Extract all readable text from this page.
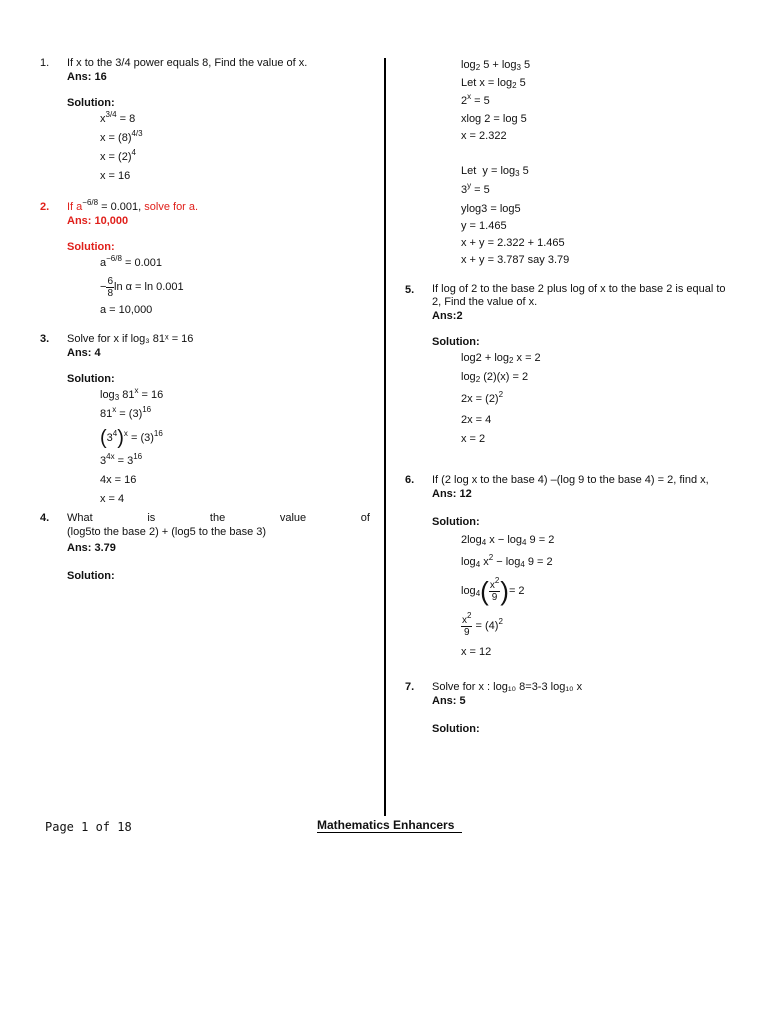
1.	If x to the 3/4 power equals 8, Find the value of x.
Ans: 16
Solution:
$x^{3/4} = 8$
$x = (8)^{4/3}$
$x = (2)^4$
x = 16
2.	If $a^{-6/8} = 0.001$, solve for a.
Ans: 10,000
Solution:
$a^{-6/8} = 0.001$
− $\frac{6}{8}$ ln α = ln 0.001
a = 10,000
3.	Solve for x if log₃ 81ˣ = 16
Ans: 4
Solution:
$\log_3 81^x = 16$
$81^x = (3)^{16}$
$(3^4)^x = (3)^{16}$
$3^{4x} = 3^{16}$
4x = 16
x = 4
4.	What	is	the	value	of
(log5to the base 2) + (log5 to the base 3)
Ans: 3.79
Solution:
$\log_2 5 + \log_3 5$
Let $x = \log_2 5$
$2^x = 5$
xlog 2 = log 5
x = 2.322
Let  $y = \log_3 5$
$3^y = 5$
ylog3 = log5
y = 1.465
x + y = 2.322 + 1.465
x + y = 3.787 say 3.79
5.	If log of 2 to the base 2 plus log of x to the base 2 is equal to 2, Find the value of x.
Ans:2
Solution:
$\log 2 + \log_2 x = 2$
$\log_2 (2)(x) = 2$
$2x = (2)^2$
2x = 4
x = 2
6.	If (2 log x to the base 4) –(log 9 to the base 4) = 2, find x,
Ans: 12
Solution:
$2\log_4$ $x - \log_4 9 = 2$
$\log_4 x^2 - \log_4 9 = 2$
$\log_4( \frac{x^2}{9}$ )= 2
$\frac{x^2}{9} = (4)^2$
x = 12
7.	Solve for x : log₁₀ 8=3-3 log₁₀ x
Ans: 5
Solution:
Page 1 of 18	Mathematics Enhancers
